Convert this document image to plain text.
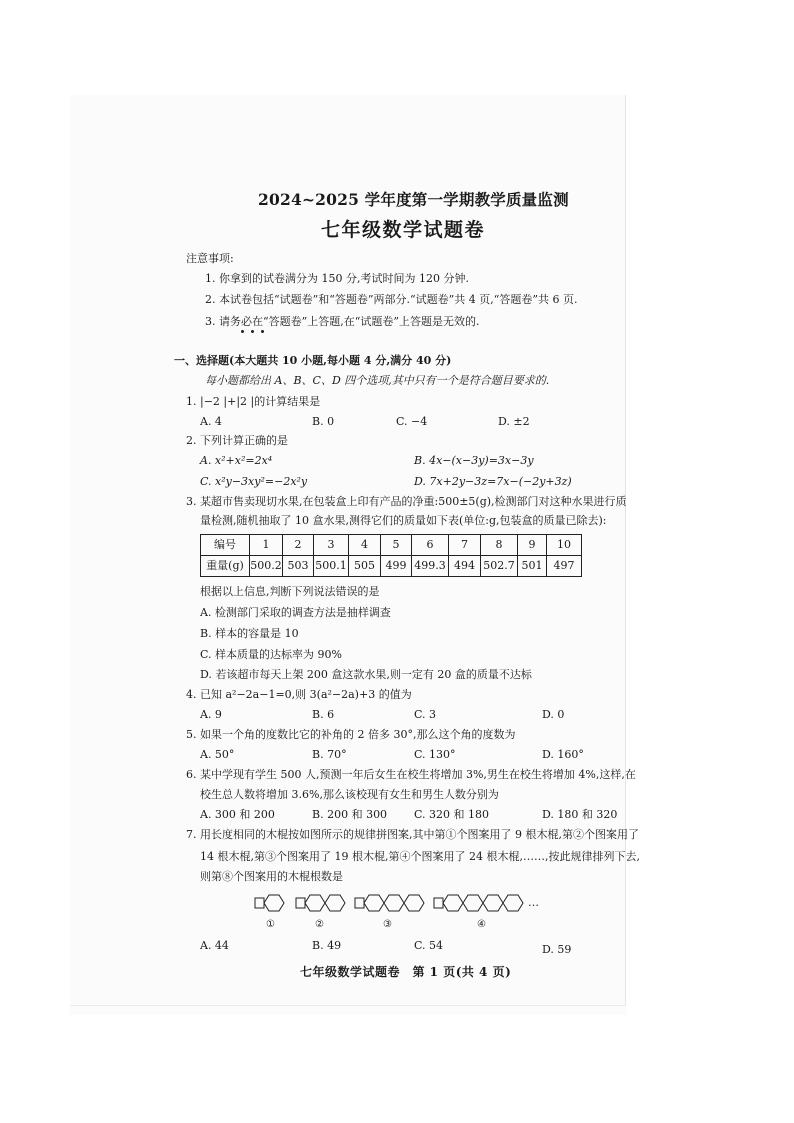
2024~2025 学年度第一学期教学质量监测
七年级数学试题卷
注意事项:
1. 你拿到的试卷满分为 150 分,考试时间为 120 分钟.
2. 本试卷包括“试题卷”和“答题卷”两部分.“试题卷”共 4 页,“答题卷”共 6 页.
3. 请务必在“答题卷”上答题,在“试题卷”上答题是无效的.
一、选择题(本大题共 10 小题,每小题 4 分,满分 40 分)
每小题都给出 A、B、C、D 四个选项,其中只有一个是符合题目要求的.
1. |−2 |+|2 |的计算结果是
A. 4	B. 0	C. −4	D. ±2
2. 下列计算正确的是
A. x²+x²=2x⁴	B. 4x−(x−3y)=3x−3y
C. x²y−3xy²=−2x²y	D. 7x+2y−3z=7x−(−2y+3z)
3. 某超市售卖现切水果,在包装盒上印有产品的净重:500±5(g),检测部门对这种水果进行质
量检测,随机抽取了 10 盒水果,测得它们的质量如下表(单位:g,包装盒的质量已除去):
编号	1	2	3	4	5	6	7	8	9	10
重量(g)	500.2	503	500.1	505	499	499.3	494	502.7	501	497
根据以上信息,判断下列说法错误的是
A. 检测部门采取的调查方法是抽样调查
B. 样本的容量是 10
C. 样本质量的达标率为 90%
D. 若该超市每天上架 200 盒这款水果,则一定有 20 盒的质量不达标
4. 已知 a²−2a−1=0,则 3(a²−2a)+3 的值为
A. 9	B. 6	C. 3	D. 0
5. 如果一个角的度数比它的补角的 2 倍多 30°,那么这个角的度数为
A. 50°	B. 70°	C. 130°	D. 160°
6. 某中学现有学生 500 人,预测一年后女生在校生将增加 3%,男生在校生将增加 4%,这样,在
校生总人数将增加 3.6%,那么该校现有女生和男生人数分别为
A. 300 和 200	B. 200 和 300 C. 320 和 180	D. 180 和 320
7. 用长度相同的木棍按如图所示的规律拼图案,其中第①个图案用了 9 根木棍,第②个图案用了
14 根木棍,第③个图案用了 19 根木棍,第④个图案用了 24 根木棍,……,按此规律排列下去,
则第⑧个图案用的木棍根数是
…
①	②	③	④
A. 44	B. 49	C. 54	D. 59
七年级数学试题卷　第 1 页(共 4 页)
